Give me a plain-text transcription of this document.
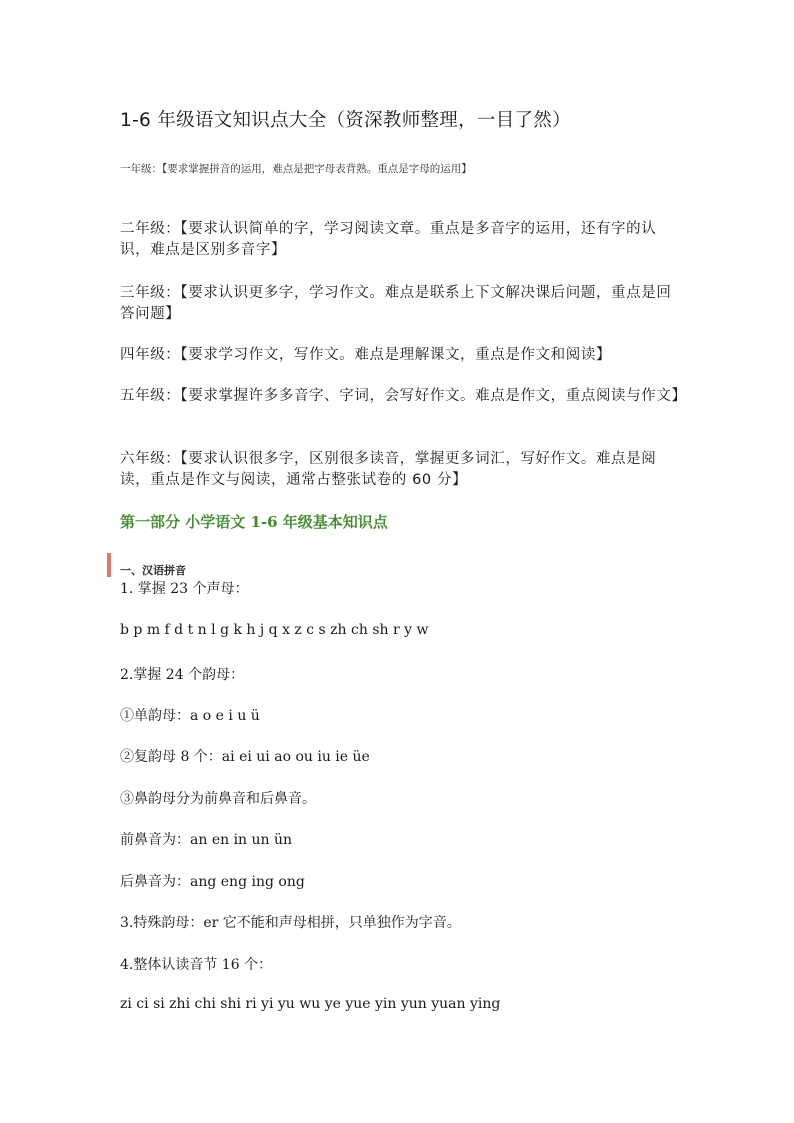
1-6 年级语文知识点大全（资深教师整理，一目了然）
一年级：【要求掌握拼音的运用，难点是把字母表背熟。重点是字母的运用】
二年级：【要求认识简单的字，学习阅读文章。重点是多音字的运用，还有字的认识，难点是区别多音字】
三年级：【要求认识更多字，学习作文。难点是联系上下文解决课后问题，重点是回答问题】
四年级：【要求学习作文，写作文。难点是理解课文，重点是作文和阅读】
五年级：【要求掌握许多多音字、字词，会写好作文。难点是作文，重点阅读与作文】
六年级：【要求认识很多字，区别很多读音，掌握更多词汇，写好作文。难点是阅读，重点是作文与阅读，通常占整张试卷的 60 分】
第一部分 小学语文 1-6 年级基本知识点
一、汉语拼音
1. 掌握 23 个声母：
b p m f d t n l g k h j q x z c s zh ch sh r y w
2.掌握 24 个韵母：
①单韵母：a o e i u ü
②复韵母 8 个：ai ei ui ao ou iu ie üe
③鼻韵母分为前鼻音和后鼻音。
前鼻音为：an en in un ün
后鼻音为：ang eng ing ong
3.特殊韵母：er 它不能和声母相拼，只单独作为字音。
4.整体认读音节 16 个：
zi ci si zhi chi shi ri yi yu wu ye yue yin yun yuan ying
